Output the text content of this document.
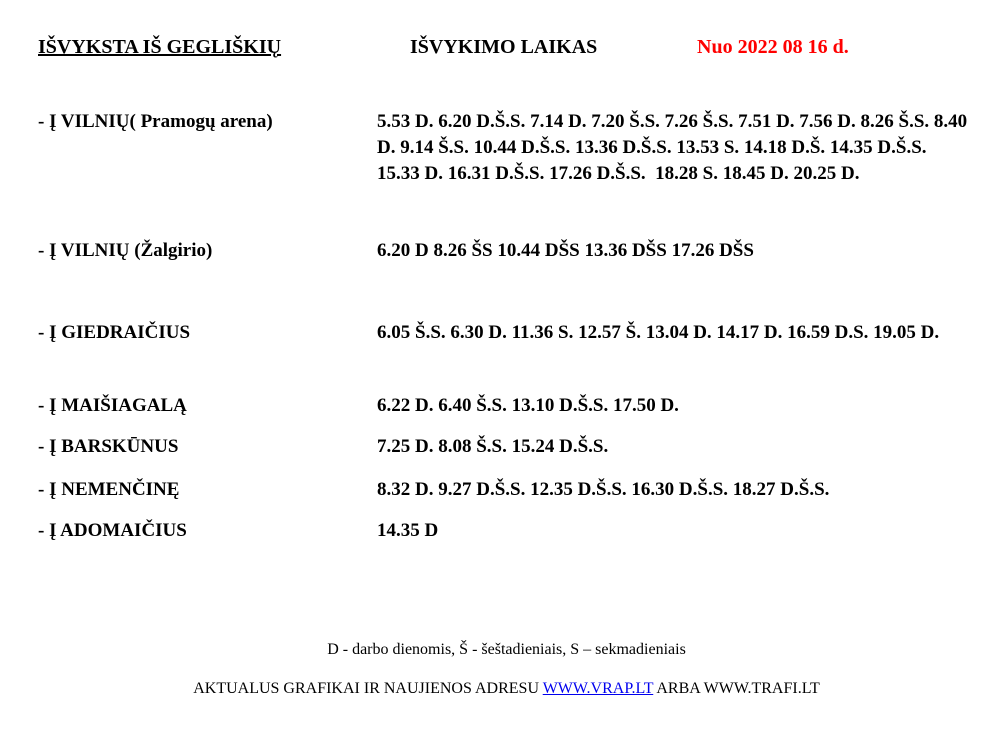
IŠVYKSTA IŠ GEGLIŠKIŲ	IŠVYKIMO LAIKAS	Nuo 2022 08 16 d.
- Į VILNIŲ( Pramogų arena)	5.53 D. 6.20 D.Š.S. 7.14 D. 7.20 Š.S. 7.26 Š.S. 7.51 D. 7.56 D. 8.26 Š.S. 8.40 D. 9.14 Š.S. 10.44 D.Š.S. 13.36 D.Š.S. 13.53 S. 14.18 D.Š. 14.35 D.Š.S. 15.33 D. 16.31 D.Š.S. 17.26 D.Š.S.  18.28 S. 18.45 D. 20.25 D.
- Į VILNIŲ (Žalgirio)	6.20 D 8.26 ŠS 10.44 DŠS 13.36 DŠS 17.26 DŠS
- Į GIEDRAIČIUS	6.05 Š.S. 6.30 D. 11.36 S. 12.57 Š. 13.04 D. 14.17 D. 16.59 D.S. 19.05 D.
- Į MAIŠIAGALĄ	6.22 D. 6.40 Š.S. 13.10 D.Š.S. 17.50 D.
- Į BARSKŪNUS	7.25 D. 8.08 Š.S. 15.24 D.Š.S.
- Į NEMENČINĘ	8.32 D. 9.27 D.Š.S. 12.35 D.Š.S. 16.30 D.Š.S. 18.27 D.Š.S.
- Į ADOMAIČIUS	14.35 D
D - darbo dienomis, Š - šeštadieniais, S – sekmadieniais
AKTUALUS GRAFIKAI IR NAUJIENOS ADRESU WWW.VRAP.LT ARBA WWW.TRAFI.LT
